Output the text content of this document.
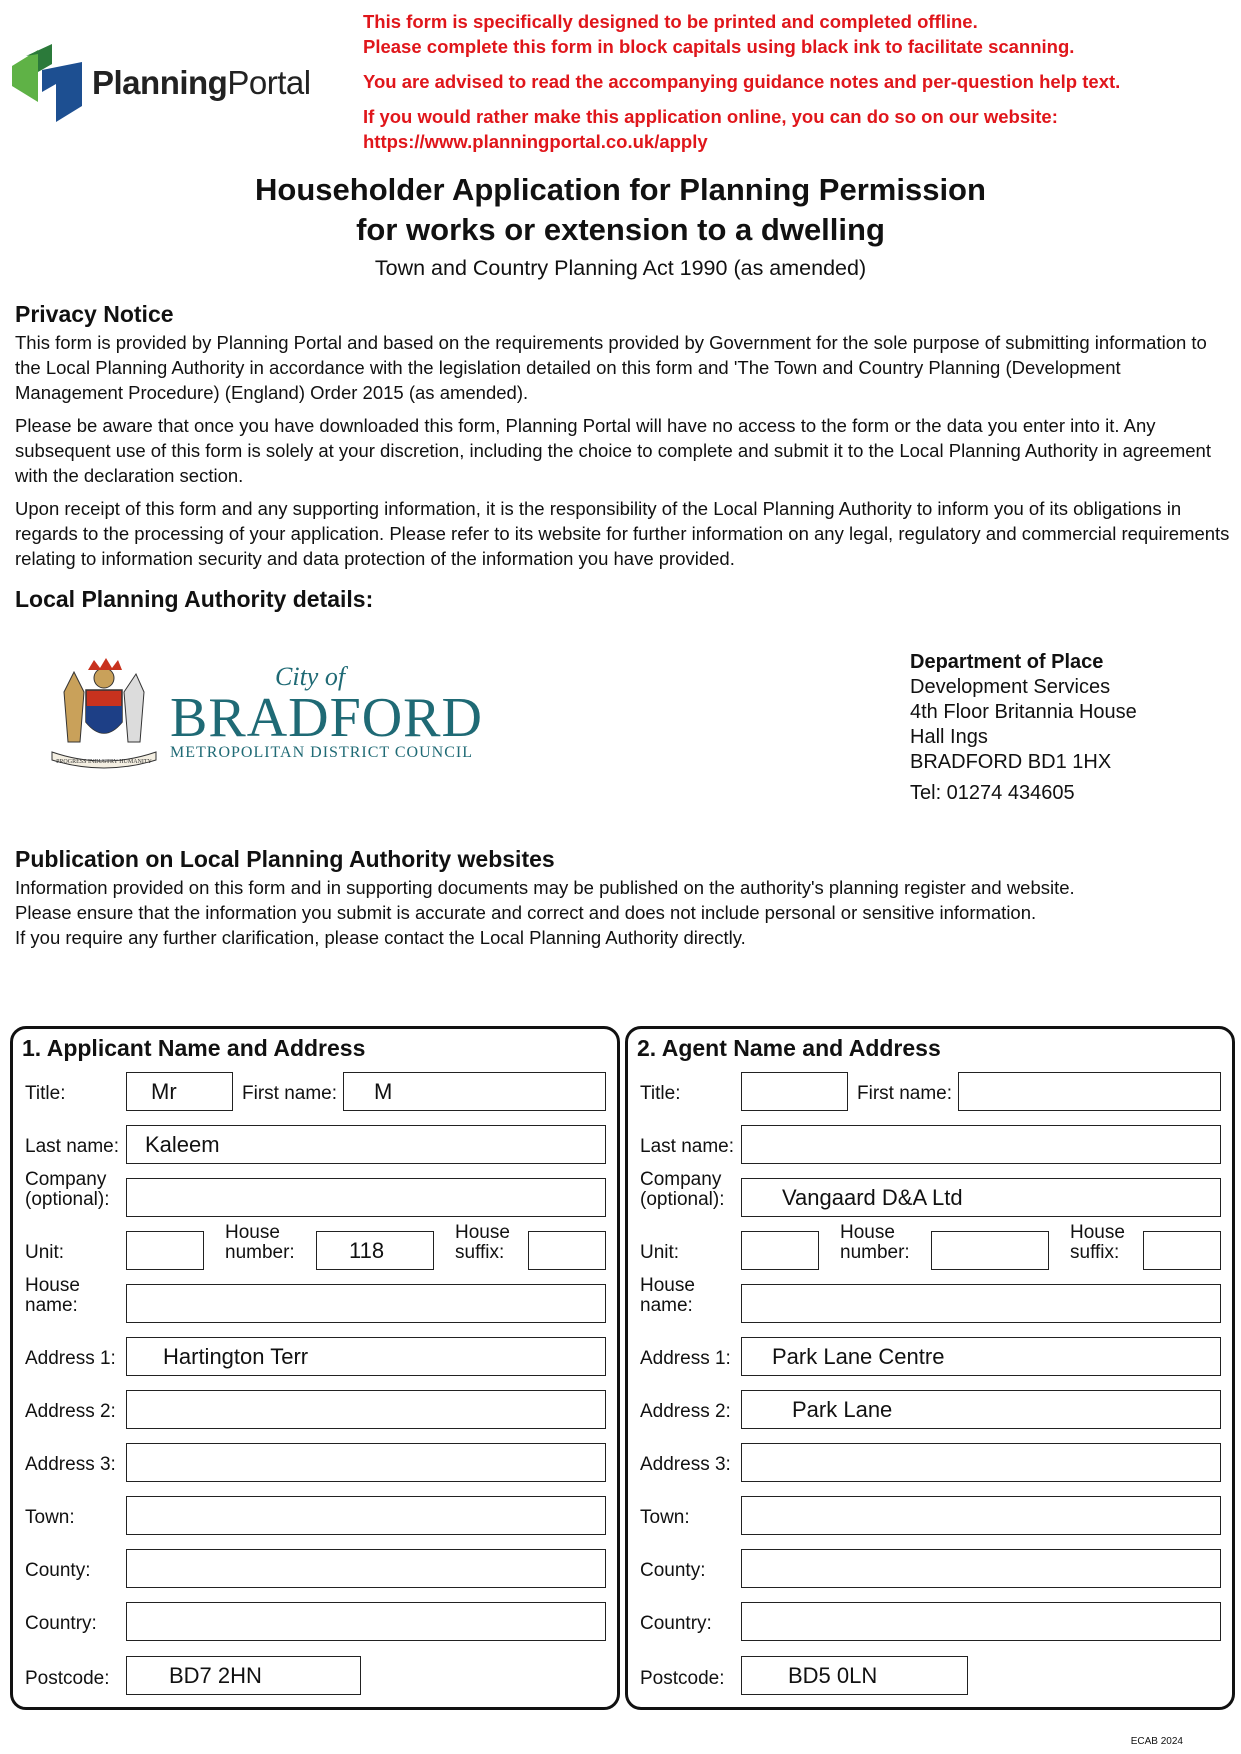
This form is specifically designed to be printed and completed offline.
Please complete this form in block capitals using black ink to facilitate scanning.
You are advised to read the accompanying guidance notes and per-question help text.
If you would rather make this application online, you can do so on our website:
https://www.planningportal.co.uk/apply
PlanningPortal
Householder Application for Planning Permission
for works or extension to a dwelling
Town and Country Planning Act 1990 (as amended)
Privacy Notice
This form is provided by Planning Portal and based on the requirements provided by Government for the sole purpose of submitting information to the Local Planning Authority in accordance with the legislation detailed on this form and 'The Town and Country Planning (Development Management Procedure) (England) Order 2015 (as amended).
Please be aware that once you have downloaded this form, Planning Portal will have no access to the form or the data you enter into it. Any subsequent use of this form is solely at your discretion, including the choice to complete and submit it to the Local Planning Authority in agreement with the declaration section.
Upon receipt of this form and any supporting information, it is the responsibility of the Local Planning Authority to inform you of its obligations in regards to the processing of your application. Please refer to its website for further information on any legal, regulatory and commercial requirements relating to information security and data protection of the information you have provided.
Local Planning Authority details:
PROGRESS INDUSTRY HUMANITY
City of
BRADFORD
METROPOLITAN DISTRICT COUNCIL
Department of Place
Development Services
4th Floor Britannia House
Hall Ings
BRADFORD BD1 1HX
Tel: 01274 434605
Publication on Local Planning Authority websites
Information provided on this form and in supporting documents may be published on the authority's planning register and website.
Please ensure that the information you submit is accurate and correct and does not include personal or sensitive information.
If you require any further clarification, please contact the Local Planning Authority directly.
1. Applicant Name and Address
Title:	Mr	First name:	M
Last name:	Kaleem
Company
(optional):
Unit:
House
number:	118
House
suffix:
House
name:
Address 1:	Hartington Terr
Address 2:
Address 3:
Town:
County:
Country:
Postcode:	BD7 2HN
2. Agent Name and Address
Title:	First name:
Last name:
Company
(optional):	Vangaard D&A Ltd
Unit:
House
number:
House
suffix:
House
name:
Address 1:	Park Lane Centre
Address 2:	Park Lane
Address 3:
Town:
County:
Country:
Postcode:	BD5 0LN
ECAB 2024
